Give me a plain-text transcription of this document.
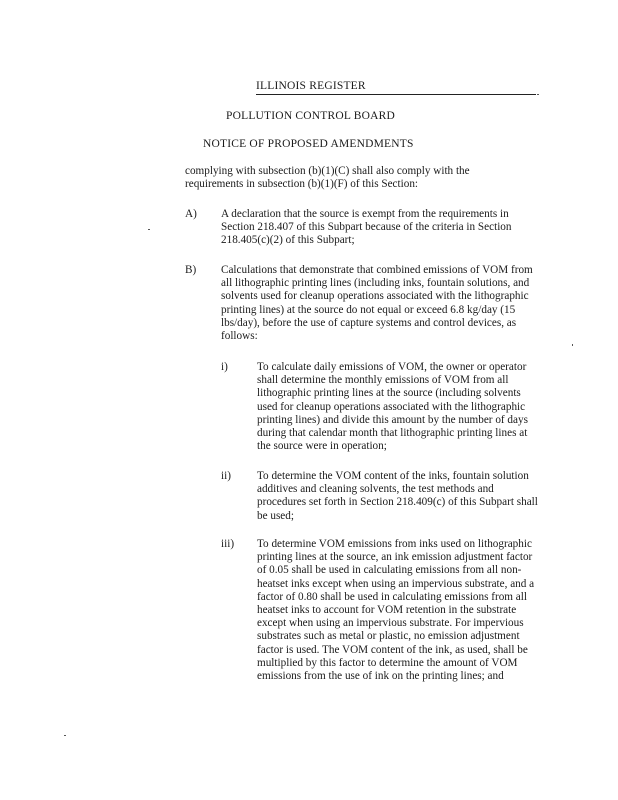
ILLINOIS REGISTER
POLLUTION CONTROL BOARD
NOTICE OF PROPOSED AMENDMENTS
complying with subsection (b)(1)(C) shall also comply with the requirements in subsection (b)(1)(F) of this Section:
A) A declaration that the source is exempt from the requirements in Section 218.407 of this Subpart because of the criteria in Section 218.405(c)(2) of this Subpart;
B) Calculations that demonstrate that combined emissions of VOM from all lithographic printing lines (including inks, fountain solutions, and solvents used for cleanup operations associated with the lithographic printing lines) at the source do not equal or exceed 6.8 kg/day (15 lbs/day), before the use of capture systems and control devices, as follows:
i)	To calculate daily emissions of VOM, the owner or operator shall determine the monthly emissions of VOM from all lithographic printing lines at the source (including solvents used for cleanup operations associated with the lithographic printing lines) and divide this amount by the number of days during that calendar month that lithographic printing lines at the source were in operation;
ii) To determine the VOM content of the inks, fountain solution additives and cleaning solvents, the test methods and procedures set forth in Section 218.409(c) of this Subpart shall be used;
iii) To determine VOM emissions from inks used on lithographic printing lines at the source, an ink emission adjustment factor of 0.05 shall be used in calculating emissions from all non-heatset inks except when using an impervious substrate, and a factor of 0.80 shall be used in calculating emissions from all heatset inks to account for VOM retention in the substrate except when using an impervious substrate. For impervious substrates such as metal or plastic, no emission adjustment factor is used. The VOM content of the ink, as used, shall be multiplied by this factor to determine the amount of VOM emissions from the use of ink on the printing lines; and
